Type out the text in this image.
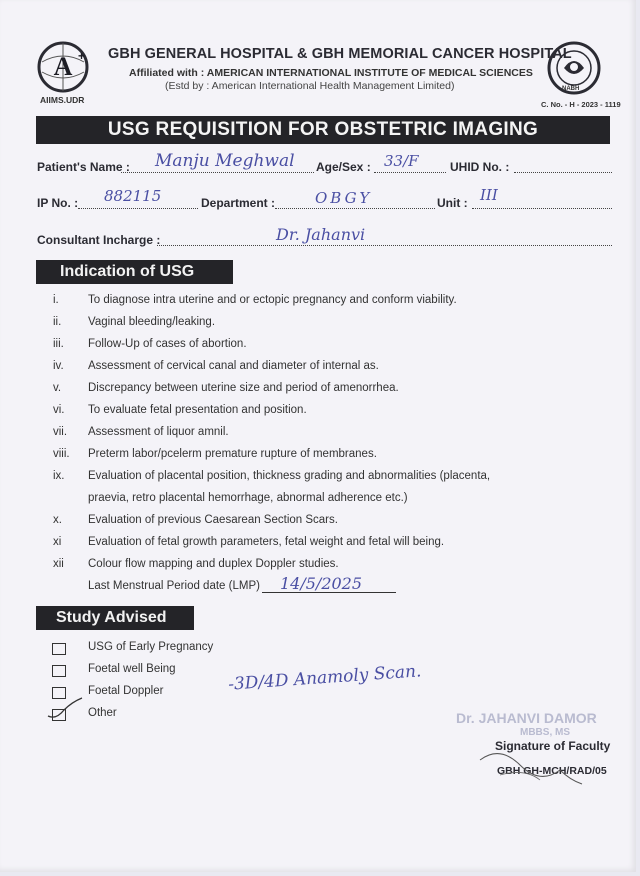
A +
AIIMS.UDR
GBH GENERAL HOSPITAL & GBH MEMORIAL CANCER HOSPITAL
Affiliated with : AMERICAN INTERNATIONAL INSTITUTE OF MEDICAL SCIENCES
(Estd by : American International Health Management Limited)	NABH
C. No. - H - 2023 - 1119
USG REQUISITION FOR OBSTETRIC IMAGING
Patient's Name : Manju Meghwal Age/Sex : 33/F	UHID No. :
IP No. : 882115	Department :	OBGY	Unit : III
Consultant Incharge :	Dr. Jahanvi
Indication of USG
i.	To diagnose intra uterine and or ectopic pregnancy and conform viability.
ii. Vaginal bleeding/leaking.
iii. Follow-Up of cases of abortion.
iv. Assessment of cervical canal and diameter of internal as.
v. Discrepancy between uterine size and period of amenorrhea.
vi. To evaluate fetal presentation and position.
vii. Assessment of liquor amnil.
viii. Preterm labor/pcelerm premature rupture of membranes.
ix. Evaluation of placental position, thickness grading and abnormalities (placenta,
praevia, retro placental hemorrhage, abnormal adherence etc.)
x. Evaluation of previous Caesarean Section Scars.
xi Evaluation of fetal growth parameters, fetal weight and fetal will being.
xii Colour flow mapping and duplex Doppler studies.
Last Menstrual Period date (LMP) 14/5/2025
Study Advised
USG of Early Pregnancy
Foetal well Being
Foetal Doppler
Other
-3D/4D Anamoly Scan.
Dr. JAHANVI DAMOR
MBBS, MS
Signature of Faculty
GBH GH-MCH/RAD/05
